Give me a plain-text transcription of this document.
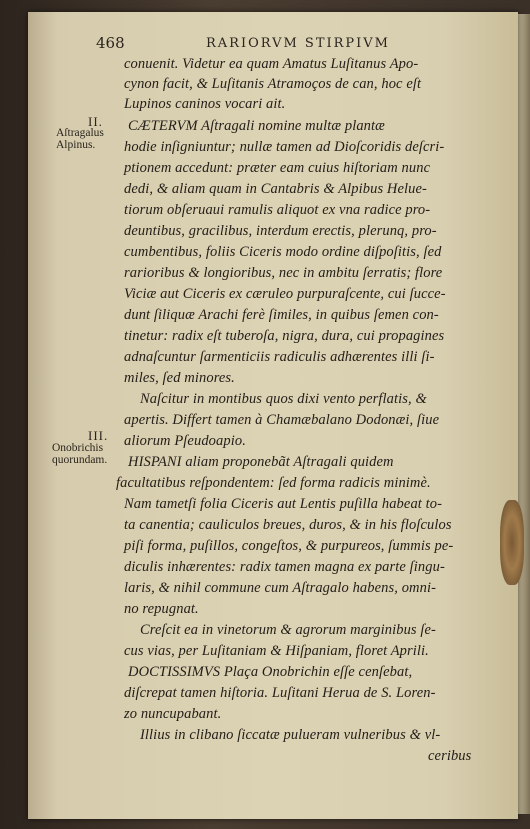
468	RARIORVM STIRPIVM
II.
Aſtragalus Alpinus.
III.
Onobrichis quorundam.
conuenit. Videtur ea quam Amatus Luſitanus Apo-
cynon facit, & Luſitanis Atramoços de can, hoc eſt
Lupinos caninos vocari ait.
CÆTERVM Aſtragali nomine multæ plantæ
hodie inſigniuntur; nullæ tamen ad Dioſcoridis deſcri-
ptionem accedunt: præter eam cuius hiſtoriam nunc
dedi, & aliam quam in Cantabris & Alpibus Helue-
tiorum obſeruaui ramulis aliquot ex vna radice pro-
deuntibus, gracilibus, interdum erectis, plerunq, pro-
cumbentibus, foliis Ciceris modo ordine diſpoſitis, ſed
rarioribus & longioribus, nec in ambitu ſerratis; flore
Viciæ aut Ciceris ex cæruleo purpuraſcente, cui ſucce-
dunt ſiliquæ Arachi ferè ſimiles, in quibus ſemen con-
tinetur: radix eſt tuberoſa, nigra, dura, cui propagines
adnaſcuntur ſarmenticiis radiculis adhærentes illi ſi-
miles, ſed minores.
Naſcitur in montibus quos dixi vento perflatis, &
apertis. Differt tamen à Chamæbalano Dodonæi, ſiue
aliorum Pſeudoapio.
HISPANI aliam proponebãt Aſtragali quidem
facultatibus reſpondentem: ſed forma radicis minimè.
Nam tametſi folia Ciceris aut Lentis puſilla habeat to-
ta canentia; cauliculos breues, duros, & in his floſculos
piſi forma, puſillos, congeſtos, & purpureos, ſummis pe-
diculis inhærentes: radix tamen magna ex parte ſingu-
laris, & nihil commune cum Aſtragalo habens, omni-
no repugnat.
Creſcit ea in vinetorum & agrorum marginibus ſe-
cus vias, per Luſitaniam & Hiſpaniam, floret Aprili.
DOCTISSIMVS Plaça Onobrichin eſſe cenſebat,
diſcrepat tamen hiſtoria. Luſitani Herua de S. Loren-
zo nuncupabant.
Illius in clibano ſiccatæ pulueram vulneribus & vl-
ceribus
